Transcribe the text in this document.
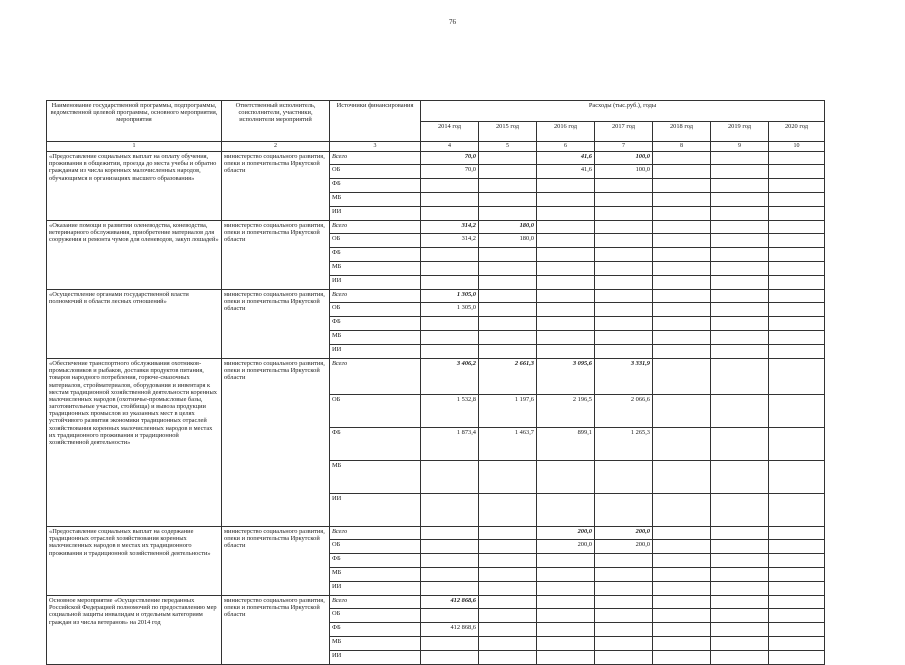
76
Наименование государственной программы, подпрограммы, ведомственной целевой программы, основного мероприятия, мероприятия	Ответственный исполнитель, соисполнители, участники, исполнители мероприятий	Источники финансирования	Расходы (тыс.руб.), годы						
			2014 год	2015 год	2016 год	2017 год	2018 год	2019 год	2020 год
1	2	3	4	5	6	7	8	9	10
«Предоставление социальных выплат на оплату обучения, проживания в общежитии, проезда до места учебы и обратно гражданам из числа коренных малочисленных народов, обучающимся в организациях высшего образования»	министерство социального развития, опеки и попечительства Иркутской области	Всего	70,0		41,6	100,0			
		ОБ	70,0		41,6	100,0			
		ФБ							
		МБ							
		ИИ							
«Оказание помощи в развитии оленеводства, коневодства, ветеринарного обслуживания, приобретение материалов для сооружения и ремонта чумов для оленеводов, закуп лошадей»	министерство социального развития, опеки и попечительства Иркутской области	Всего	314,2	180,0					
		ОБ	314,2	180,0					
		ФБ							
		МБ							
		ИИ							
«Осуществление органами государственной власти полномочий в области лесных отношений»	министерство социального развития, опеки и попечительства Иркутской области	Всего	1 305,0						
		ОБ	1 305,0						
		ФБ							
		МБ							
		ИИ							
«Обеспечение транспортного обслуживания охотников-промысловиков и рыбаков, доставки продуктов питания, товаров народного потребления, горюче-смазочных материалов, стройматериалов, оборудования и инвентаря к местам традиционной хозяйственной деятельности коренных малочисленных народов (охотничье-промысловые базы, заготовительные участки, стойбища) и вывоза продукции традиционных промыслов из указанных мест в целях устойчивого развития экономики традиционных отраслей хозяйствования коренных малочисленных народов в местах их традиционного проживания и традиционной хозяйственной деятельности»	министерство социального развития, опеки и попечительства Иркутской области	Всего	3 406,2	2 661,3	3 095,6	3 331,9			
		ОБ	1 532,8	1 197,6	2 196,5	2 066,6			
		ФБ	1 873,4	1 463,7	899,1	1 265,3			
		МБ							
		ИИ							
«Предоставление социальных выплат на содержание традиционных отраслей хозяйствования коренных малочисленных народов в местах их традиционного проживания и традиционной хозяйственной деятельности»	министерство социального развития, опеки и попечительства Иркутской области	Всего			200,0	200,0			
		ОБ			200,0	200,0			
		ФБ							
		МБ							
		ИИ							
Основное мероприятие «Осуществление переданных Российской Федерацией полномочий по предоставлению мер социальной защиты инвалидам и отдельным категориям граждан из числа ветеранов» на 2014 год	министерство социального развития, опеки и попечительства Иркутской области	Всего	412 868,6						
		ОБ							
		ФБ	412 868,6						
		МБ							
		ИИ							
